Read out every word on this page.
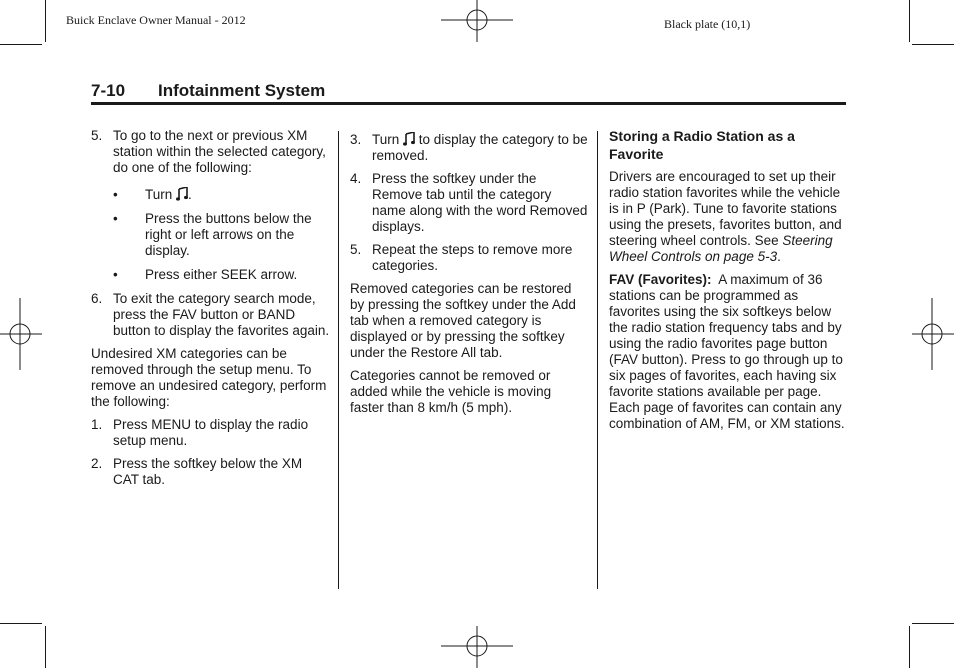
Buick Enclave Owner Manual - 2012	Black plate (10,1)
7-10 Infotainment System
5. To go to the next or previous XM station within the selected category, do one of the following:
• Turn .
• Press the buttons below the right or left arrows on the display.
• Press either SEEK arrow.
6. To exit the category search mode, press the FAV button or BAND button to display the favorites again.

Undesired XM categories can be removed through the setup menu. To remove an undesired category, perform the following:

1. Press MENU to display the radio setup menu.
2. Press the softkey below the XM CAT tab.
3. Turn to display the category to be removed.
4. Press the softkey under the Remove tab until the category name along with the word Removed displays.
5. Repeat the steps to remove more categories.

Removed categories can be restored by pressing the softkey under the Add tab when a removed category is displayed or by pressing the softkey under the Restore All tab.

Categories cannot be removed or added while the vehicle is moving faster than 8 km/h (5 mph).

Storing a Radio Station as a Favorite

Drivers are encouraged to set up their radio station favorites while the vehicle is in P (Park). Tune to favorite stations using the presets, favorites button, and steering wheel controls. See Steering Wheel Controls on page 5-3.

FAV (Favorites): A maximum of 36 stations can be programmed as favorites using the six softkeys below the radio station frequency tabs and by using the radio favorites page button (FAV button). Press to go through up to six pages of favorites, each having six favorite stations available per page. Each page of favorites can contain any combination of AM, FM, or XM stations.
